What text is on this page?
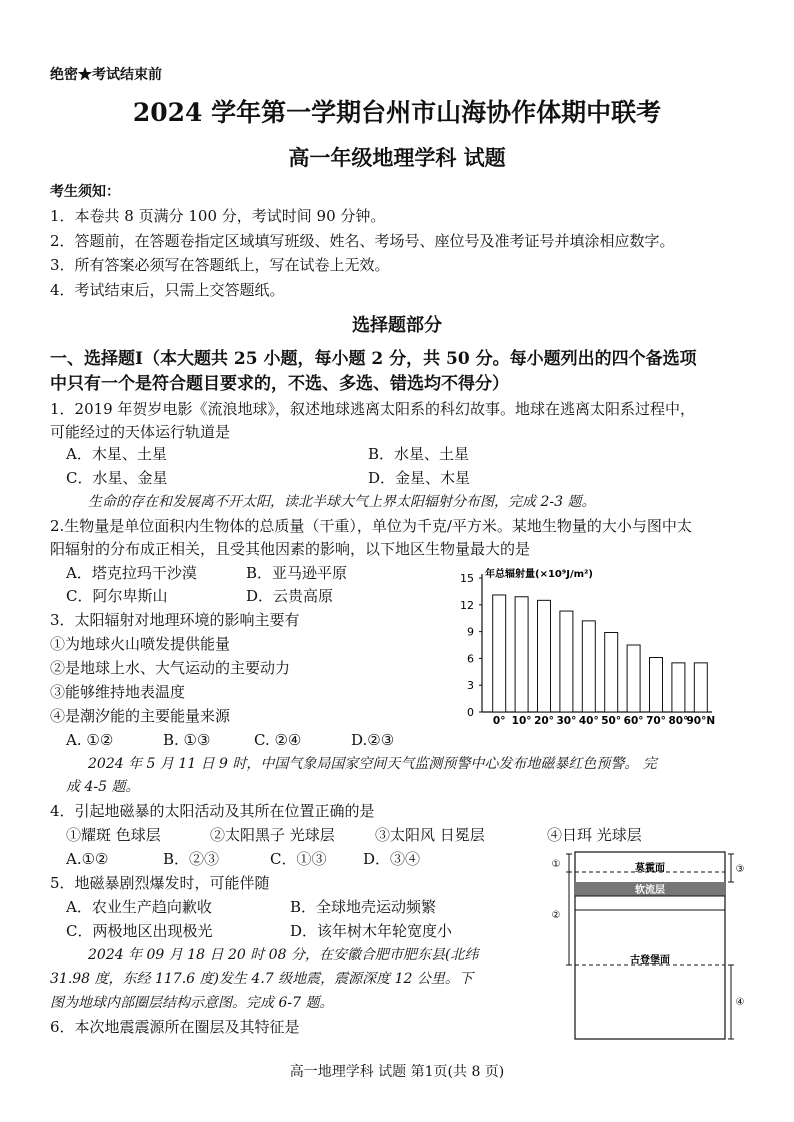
绝密★考试结束前
2024 学年第一学期台州市山海协作体期中联考
高一年级地理学科 试题
考生须知：
1．本卷共 8 页满分 100 分，考试时间 90 分钟。
2．答题前，在答题卷指定区域填写班级、姓名、考场号、座位号及准考证号并填涂相应数字。
3．所有答案必须写在答题纸上，写在试卷上无效。
4．考试结束后，只需上交答题纸。
选择题部分
一、选择题Ⅰ（本大题共 25 小题，每小题 2 分，共 50 分。每小题列出的四个备选项
中只有一个是符合题目要求的，不选、多选、错选均不得分）
1．2019 年贺岁电影《流浪地球》，叙述地球逃离太阳系的科幻故事。地球在逃离太阳系过程中，
可能经过的天体运行轨道是
A．木星、土星	B．水星、土星
C．水星、金星	D．金星、木星
生命的存在和发展离不开太阳，读北半球大气上界太阳辐射分布图，完成 2-3 题。
2.生物量是单位面积内生物体的总质量（干重），单位为千克/平方米。某地生物量的大小与图中太
阳辐射的分布成正相关，且受其他因素的影响，以下地区生物量最大的是
A．塔克拉玛干沙漠	B．亚马逊平原
C．阿尔卑斯山	D．云贵高原
3．太阳辐射对地理环境的影响主要有
①为地球火山喷发提供能量
②是地球上水、大气运动的主要动力
③能够维持地表温度
④是潮汐能的主要能量来源
A. ①②	B. ①③	C. ②④	D.②③
0
3
6
9
12
15 年总辐射量(×10⁹J/m²)
0° 10° 20° 30° 40° 50° 60° 70° 80°
90°N
2024 年 5 月 11 日 9 时，中国气象局国家空间天气监测预警中心发布地磁暴红色预警。 完
成 4-5 题。
4．引起地磁暴的太阳活动及其所在位置正确的是
①耀斑 色球层	②太阳黑子 光球层	③太阳风 日冕层	④日珥 光球层
A.①②	B．②③	C．①③ D．③④
5．地磁暴剧烈爆发时，可能伴随
A．农业生产趋向歉收	B．全球地壳运动频繁
C．两极地区出现极光	D．该年树木年轮宽度小
2024 年 09 月 18 日 20 时 08 分，在安徽合肥市肥东县(北纬
31.98 度，东经 117.6 度)发生 4.7 级地震，震源深度 12 公里。下
图为地球内部圈层结构示意图。完成 6-7 题。
6．本次地震震源所在圈层及其特征是
莫霍面
软流层
古登堡面
①
②
③
④
高一地理学科 试题 第1页(共 8 页)
